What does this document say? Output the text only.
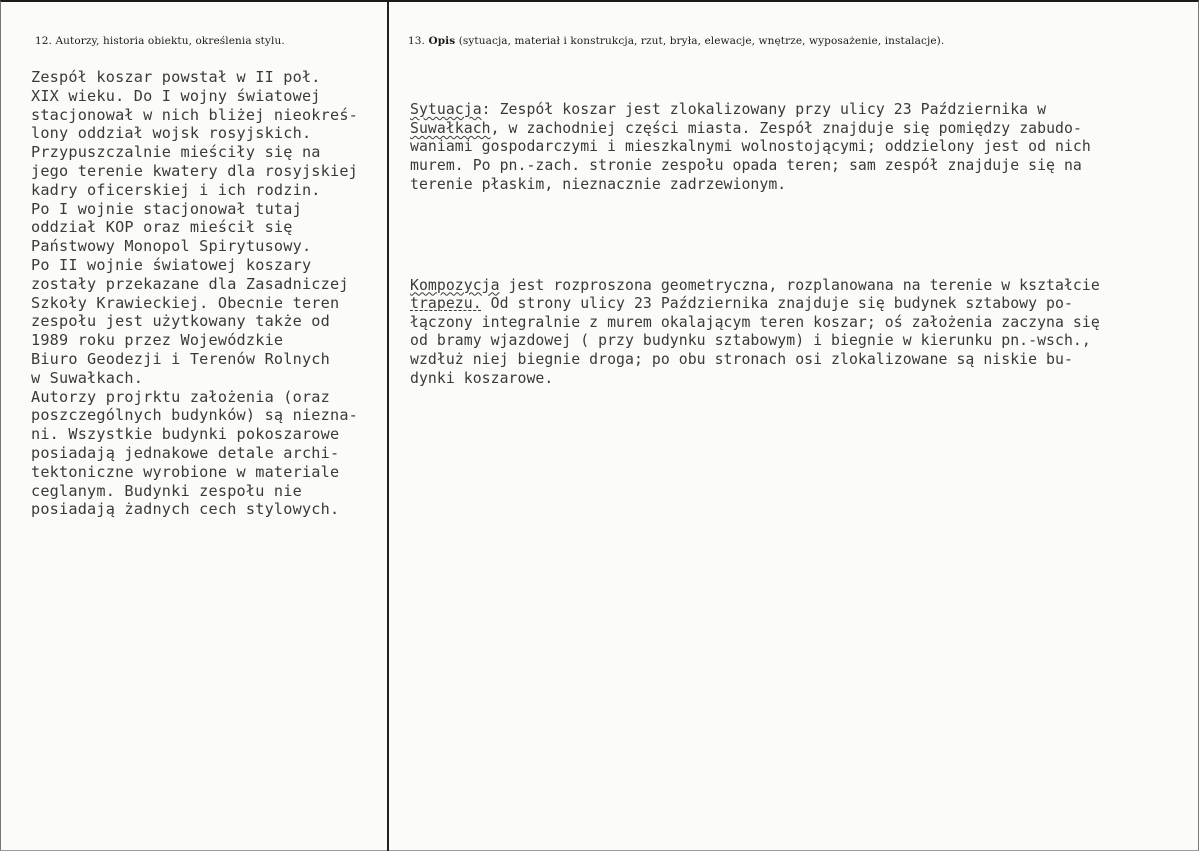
12. Autorzy, historia obiektu, określenia stylu.	13. Opis (sytuacja, materiał i konstrukcja, rzut, bryła, elewacje, wnętrze, wyposażenie, instalacje).
Zespół koszar powstał w II poł.
XIX wieku. Do I wojny światowej
stacjonował w nich bliżej nieokreś-
lony oddział wojsk rosyjskich.
Przypuszczalnie mieściły się na
jego terenie kwatery dla rosyjskiej
kadry oficerskiej i ich rodzin.
Po I wojnie stacjonował tutaj
oddział KOP oraz mieścił się
Państwowy Monopol Spirytusowy.
Po II wojnie światowej koszary
zostały przekazane dla Zasadniczej
Szkoły Krawieckiej. Obecnie teren
zespołu jest użytkowany także od
1989 roku przez Wojewódzkie
Biuro Geodezji i Terenów Rolnych
w Suwałkach.
Autorzy projrktu założenia (oraz
poszczególnych budynków) są nieznа-
ni. Wszystkie budynki pokoszarowe
posiadają jednakowe detale archi-
tektoniczne wyrobione w materiale
ceglanym. Budynki zespołu nie
posiadają żadnych cech stylowych.

Sytuacja: Zespół koszar jest zlokalizowany przy ulicy 23 Października w
Suwałkach, w zachodniej części miasta. Zespół znajduje się pomiędzy zabudo-
waniami gospodarczymi i mieszkalnymi wolnostojącymi; oddzielony jest od nich
murem. Po pn.-zach. stronie zespołu opada teren; sam zespół znajduje się na
terenie płaskim, nieznacznie zadrzewionym.

Kompozycja jest rozproszona geometryczna, rozplanowana na terenie w kształcie
trapezu. Od strony ulicy 23 Października znajduje się budynek sztabowy po-
łączony integralnie z murem okalającym teren koszar; oś założenia zaczyna się
od bramy wjazdowej ( przy budynku sztabowym) i biegnie w kierunku pn.-wsch.,
wzdłuż niej biegnie droga; po obu stronach osi zlokalizowane są niskie bu-
dynki koszarowe.
